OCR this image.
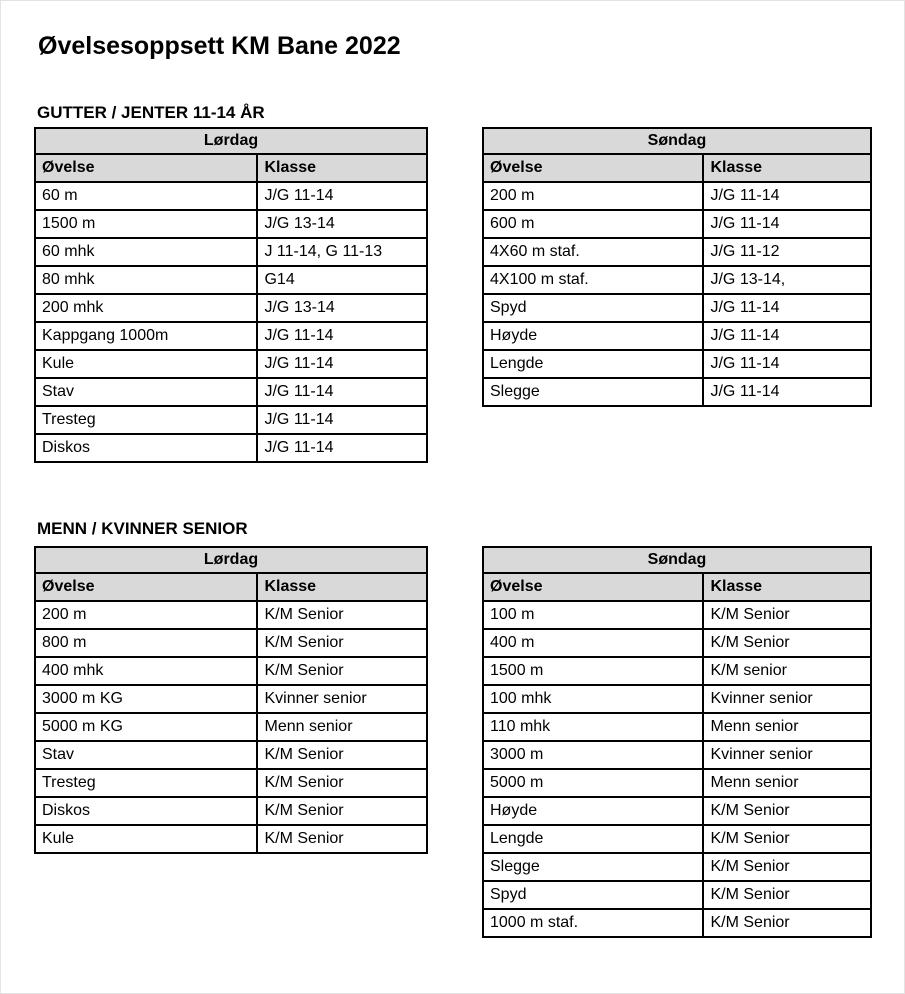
Øvelsesoppsett KM Bane 2022
GUTTER / JENTER 11-14 ÅR
Lørdag	
Øvelse	Klasse
60 m	J/G 11-14
1500 m	J/G 13-14
60 mhk	J 11-14, G 11-13
80 mhk	G14
200 mhk	J/G 13-14
Kappgang 1000m	J/G 11-14
Kule	J/G 11-14
Stav	J/G 11-14
Tresteg	J/G 11-14
Diskos	J/G 11-14
Søndag	
Øvelse	Klasse
200 m	J/G 11-14
600 m	J/G 11-14
4X60 m staf.	J/G 11-12
4X100 m staf.	J/G 13-14,
Spyd	J/G 11-14
Høyde	J/G 11-14
Lengde	J/G 11-14
Slegge	J/G 11-14
MENN / KVINNER SENIOR
Lørdag	
Øvelse	Klasse
200 m	K/M Senior
800 m	K/M Senior
400 mhk	K/M Senior
3000 m KG	Kvinner senior
5000 m KG	Menn senior
Stav	K/M Senior
Tresteg	K/M Senior
Diskos	K/M Senior
Kule	K/M Senior
Søndag	
Øvelse	Klasse
100 m	K/M Senior
400 m	K/M Senior
1500 m	K/M senior
100 mhk	Kvinner senior
110 mhk	Menn senior
3000 m	Kvinner senior
5000 m	Menn senior
Høyde	K/M Senior
Lengde	K/M Senior
Slegge	K/M Senior
Spyd	K/M Senior
1000 m staf.	K/M Senior
